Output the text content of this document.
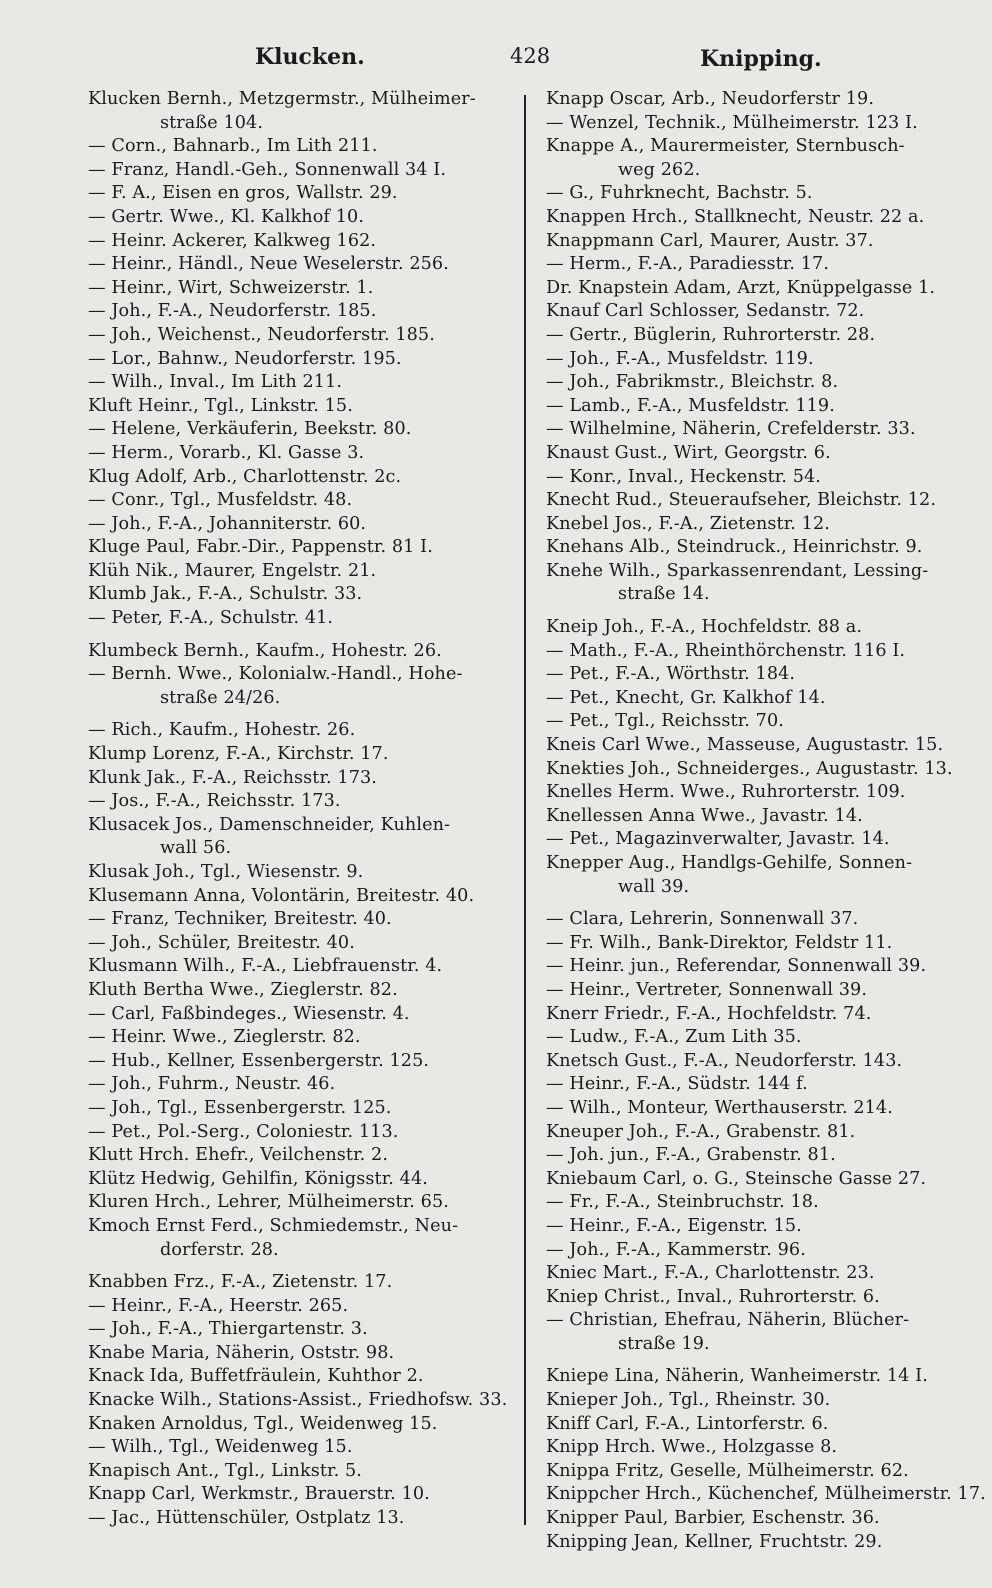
Klucken.	428	Knipping.
Klucken Bernh., Metzgermstr., Mülheimer-
straße 104.
— Corn., Bahnarb., Im Lith 211.
— Franz, Handl.-Geh., Sonnenwall 34 I.
— F. A., Eisen en gros, Wallstr. 29.
— Gertr. Wwe., Kl. Kalkhof 10.
— Heinr. Ackerer, Kalkweg 162.
— Heinr., Händl., Neue Weselerstr. 256.
— Heinr., Wirt, Schweizerstr. 1.
— Joh., F.-A., Neudorferstr. 185.
— Joh., Weichenst., Neudorferstr. 185.
— Lor., Bahnw., Neudorferstr. 195.
— Wilh., Inval., Im Lith 211.
Kluft Heinr., Tgl., Linkstr. 15.
— Helene, Verkäuferin, Beekstr. 80.
— Herm., Vorarb., Kl. Gasse 3.
Klug Adolf, Arb., Charlottenstr. 2c.
— Conr., Tgl., Musfeldstr. 48.
— Joh., F.-A., Johanniterstr. 60.
Kluge Paul, Fabr.-Dir., Pappenstr. 81 I.
Klüh Nik., Maurer, Engelstr. 21.
Klumb Jak., F.-A., Schulstr. 33.
— Peter, F.-A., Schulstr. 41.
Klumbeck Bernh., Kaufm., Hohestr. 26.
— Bernh. Wwe., Kolonialw.-Handl., Hohe-
straße 24/26.
— Rich., Kaufm., Hohestr. 26.
Klump Lorenz, F.-A., Kirchstr. 17.
Klunk Jak., F.-A., Reichsstr. 173.
— Jos., F.-A., Reichsstr. 173.
Klusacek Jos., Damenschneider, Kuhlen-
wall 56.
Klusak Joh., Tgl., Wiesenstr. 9.
Klusemann Anna, Volontärin, Breitestr. 40.
— Franz, Techniker, Breitestr. 40.
— Joh., Schüler, Breitestr. 40.
Klusmann Wilh., F.-A., Liebfrauenstr. 4.
Kluth Bertha Wwe., Zieglerstr. 82.
— Carl, Faßbindeges., Wiesenstr. 4.
— Heinr. Wwe., Zieglerstr. 82.
— Hub., Kellner, Essenbergerstr. 125.
— Joh., Fuhrm., Neustr. 46.
— Joh., Tgl., Essenbergerstr. 125.
— Pet., Pol.-Serg., Coloniestr. 113.
Klutt Hrch. Ehefr., Veilchenstr. 2.
Klütz Hedwig, Gehilfin, Königsstr. 44.
Kluren Hrch., Lehrer, Mülheimerstr. 65.
Kmoch Ernst Ferd., Schmiedemstr., Neu-
dorferstr. 28.
Knabben Frz., F.-A., Zietenstr. 17.
— Heinr., F.-A., Heerstr. 265.
— Joh., F.-A., Thiergartenstr. 3.
Knabe Maria, Näherin, Oststr. 98.
Knack Ida, Buffetfräulein, Kuhthor 2.
Knacke Wilh., Stations-Assist., Friedhofsw. 33.
Knaken Arnoldus, Tgl., Weidenweg 15.
— Wilh., Tgl., Weidenweg 15.
Knapisch Ant., Tgl., Linkstr. 5.
Knapp Carl, Werkmstr., Brauerstr. 10.
— Jac., Hüttenschüler, Ostplatz 13.
Knapp Oscar, Arb., Neudorferstr 19.
— Wenzel, Technik., Mülheimerstr. 123 I.
Knappe A., Maurermeister, Sternbusch-
weg 262.
— G., Fuhrknecht, Bachstr. 5.
Knappen Hrch., Stallknecht, Neustr. 22 a.
Knappmann Carl, Maurer, Austr. 37.
— Herm., F.-A., Paradiesstr. 17.
Dr. Knapstein Adam, Arzt, Knüppelgasse 1.
Knauf Carl Schlosser, Sedanstr. 72.
— Gertr., Büglerin, Ruhrorterstr. 28.
— Joh., F.-A., Musfeldstr. 119.
— Joh., Fabrikmstr., Bleichstr. 8.
— Lamb., F.-A., Musfeldstr. 119.
— Wilhelmine, Näherin, Crefelderstr. 33.
Knaust Gust., Wirt, Georgstr. 6.
— Konr., Inval., Heckenstr. 54.
Knecht Rud., Steueraufseher, Bleichstr. 12.
Knebel Jos., F.-A., Zietenstr. 12.
Knehans Alb., Steindruck., Heinrichstr. 9.
Knehe Wilh., Sparkassenrendant, Lessing-
straße 14.
Kneip Joh., F.-A., Hochfeldstr. 88 a.
— Math., F.-A., Rheinthörchenstr. 116 I.
— Pet., F.-A., Wörthstr. 184.
— Pet., Knecht, Gr. Kalkhof 14.
— Pet., Tgl., Reichsstr. 70.
Kneis Carl Wwe., Masseuse, Augustastr. 15.
Knekties Joh., Schneiderges., Augustastr. 13.
Knelles Herm. Wwe., Ruhrorterstr. 109.
Knellessen Anna Wwe., Javastr. 14.
— Pet., Magazinverwalter, Javastr. 14.
Knepper Aug., Handlgs-Gehilfe, Sonnen-
wall 39.
— Clara, Lehrerin, Sonnenwall 37.
— Fr. Wilh., Bank-Direktor, Feldstr 11.
— Heinr. jun., Referendar, Sonnenwall 39.
— Heinr., Vertreter, Sonnenwall 39.
Knerr Friedr., F.-A., Hochfeldstr. 74.
— Ludw., F.-A., Zum Lith 35.
Knetsch Gust., F.-A., Neudorferstr. 143.
— Heinr., F.-A., Südstr. 144 f.
— Wilh., Monteur, Werthauserstr. 214.
Kneuper Joh., F.-A., Grabenstr. 81.
— Joh. jun., F.-A., Grabenstr. 81.
Kniebaum Carl, o. G., Steinsche Gasse 27.
— Fr., F.-A., Steinbruchstr. 18.
— Heinr., F.-A., Eigenstr. 15.
— Joh., F.-A., Kammerstr. 96.
Kniec Mart., F.-A., Charlottenstr. 23.
Kniep Christ., Inval., Ruhrorterstr. 6.
— Christian, Ehefrau, Näherin, Blücher-
straße 19.
Kniepe Lina, Näherin, Wanheimerstr. 14 I.
Knieper Joh., Tgl., Rheinstr. 30.
Kniff Carl, F.-A., Lintorferstr. 6.
Knipp Hrch. Wwe., Holzgasse 8.
Knippa Fritz, Geselle, Mülheimerstr. 62.
Knippcher Hrch., Küchenchef, Mülheimerstr. 17.
Knipper Paul, Barbier, Eschenstr. 36.
Knipping Jean, Kellner, Fruchtstr. 29.
